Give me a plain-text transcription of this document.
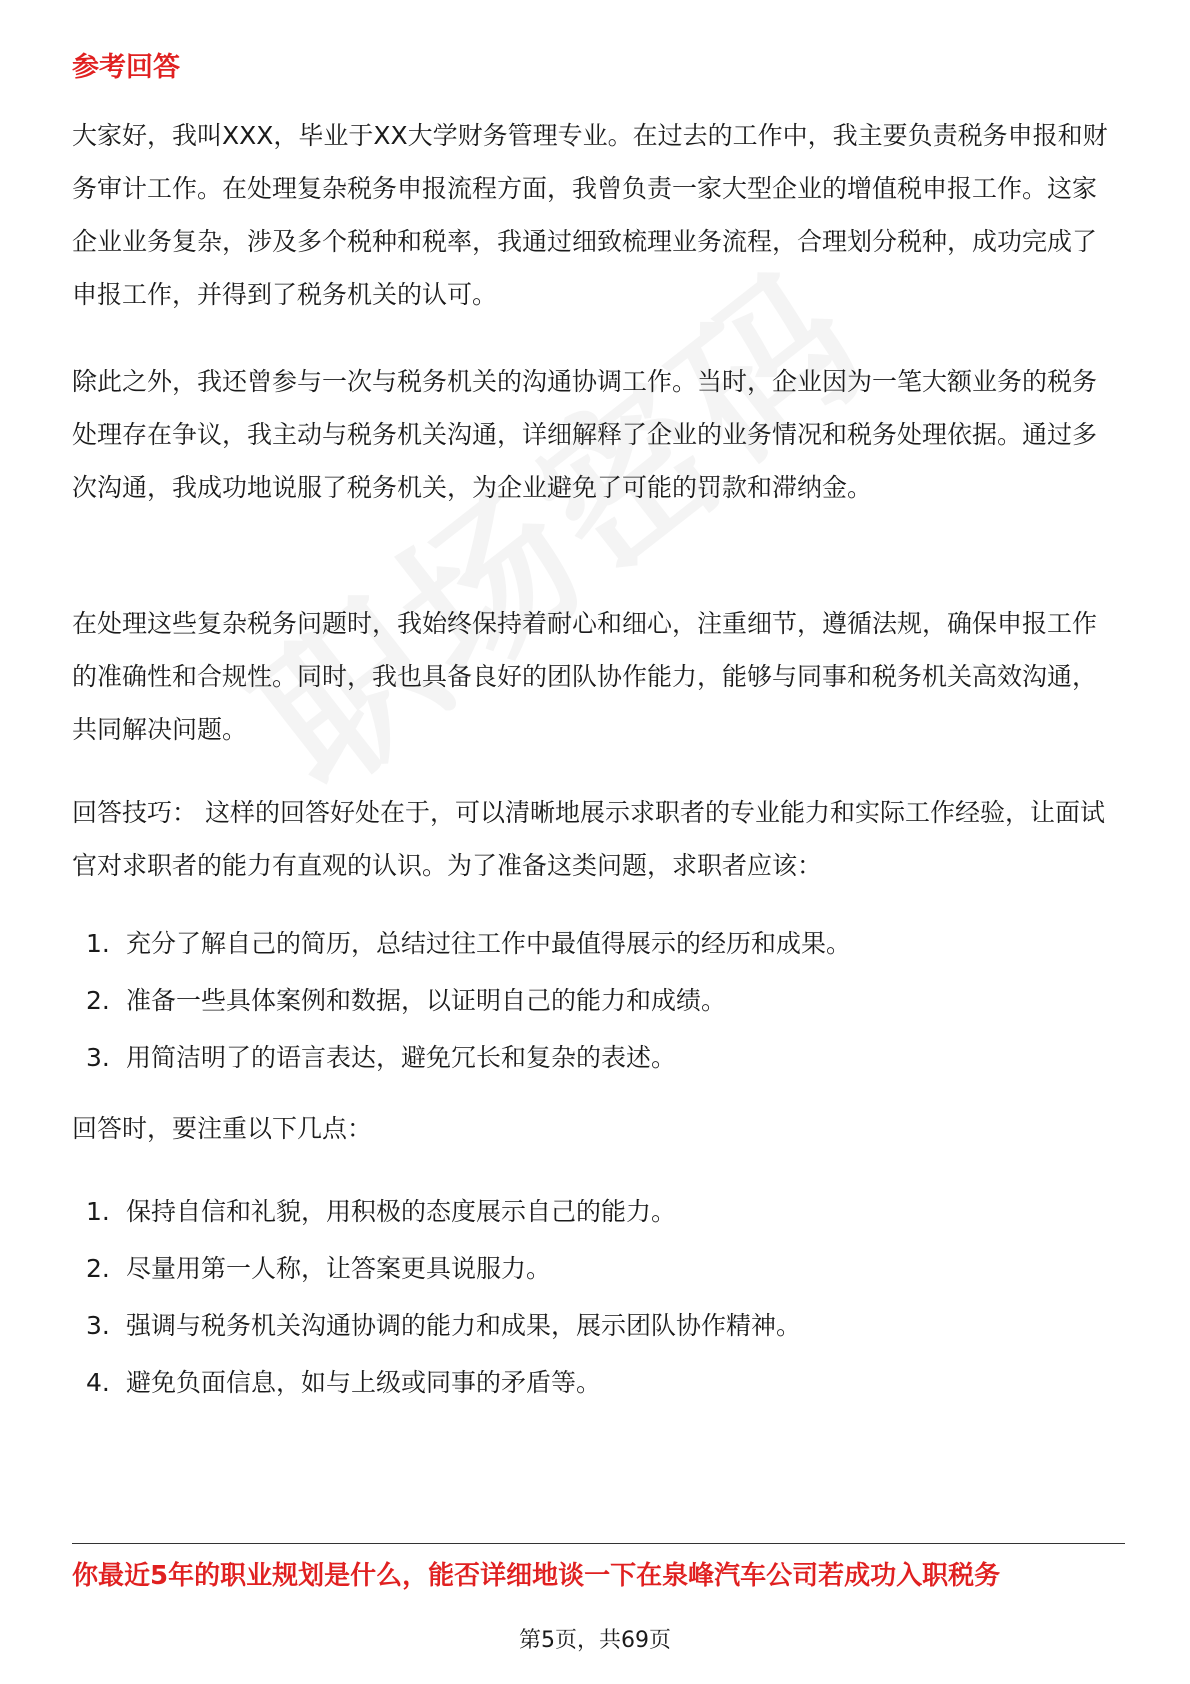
参考回答

大家好，我叫XXX，毕业于XX大学财务管理专业。在过去的工作中，我主要负责税务申报和财务审计工作。在处理复杂税务申报流程方面，我曾负责一家大型企业的增值税申报工作。这家企业业务复杂，涉及多个税种和税率，我通过细致梳理业务流程，合理划分税种，成功完成了申报工作，并得到了税务机关的认可。

除此之外，我还曾参与一次与税务机关的沟通协调工作。当时，企业因为一笔大额业务的税务处理存在争议，我主动与税务机关沟通，详细解释了企业的业务情况和税务处理依据。通过多次沟通，我成功地说服了税务机关，为企业避免了可能的罚款和滞纳金。

在处理这些复杂税务问题时，我始终保持着耐心和细心，注重细节，遵循法规，确保申报工作的准确性和合规性。同时，我也具备良好的团队协作能力，能够与同事和税务机关高效沟通，共同解决问题。

回答技巧： 这样的回答好处在于，可以清晰地展示求职者的专业能力和实际工作经验，让面试官对求职者的能力有直观的认识。为了准备这类问题，求职者应该：

1. 充分了解自己的简历，总结过往工作中最值得展示的经历和成果。
2. 准备一些具体案例和数据，以证明自己的能力和成绩。
3. 用简洁明了的语言表达，避免冗长和复杂的表述。

回答时，要注重以下几点：

1. 保持自信和礼貌，用积极的态度展示自己的能力。
2. 尽量用第一人称，让答案更具说服力。
3. 强调与税务机关沟通协调的能力和成果，展示团队协作精神。
4. 避免负面信息，如与上级或同事的矛盾等。
你最近5年的职业规划是什么，能否详细地谈一下在泉峰汽车公司若成功入职税务
第5页，共69页
